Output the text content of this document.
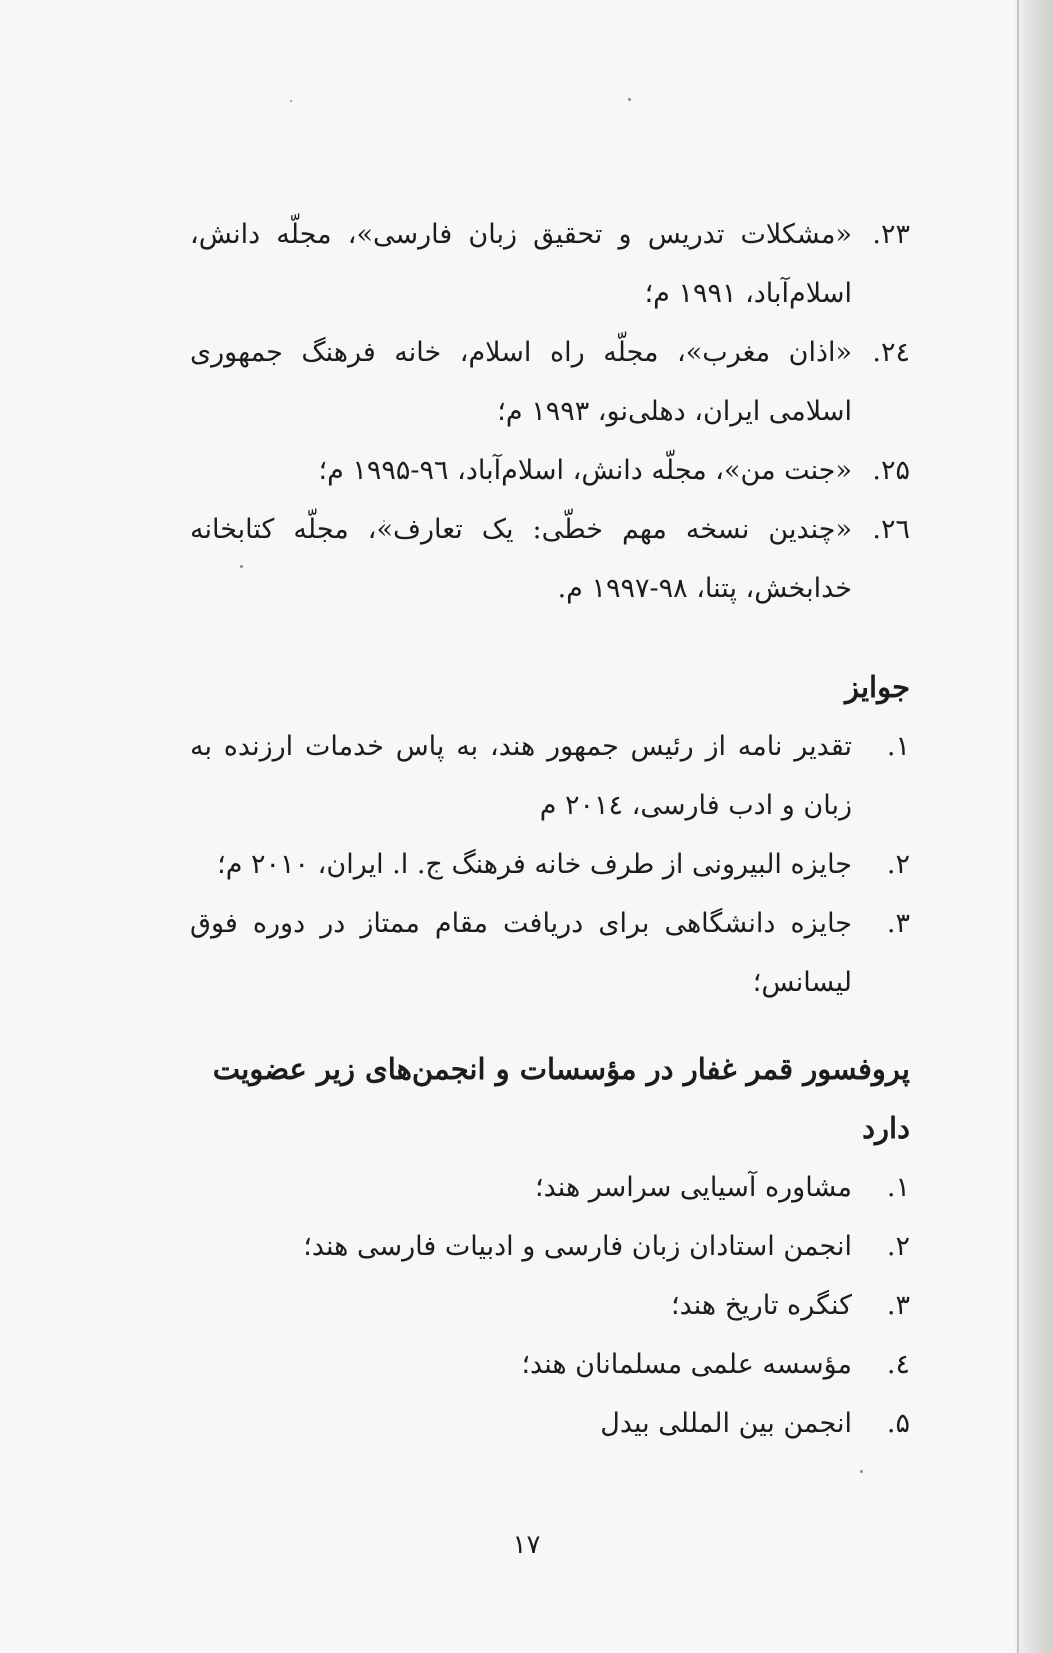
۲۳.
«مشکلات تدریس و تحقیق زبان فارسی»، مجلّه دانش، اسلام‌آباد، ۱۹۹۱ م؛
۲٤.
«اذان مغرب»، مجلّه راه اسلام، خانه فرهنگ جمهوری اسلامی ایران، دهلی‌نو، ۱۹۹۳ م؛
۲۵.
«جنت من»، مجلّه دانش، اسلام‌آباد، ۹٦-۱۹۹۵ م؛
۲٦.
«چندین نسخه مهم خطّی: یک تعارف»، مجلّه کتابخانه خدابخش، پتنا، ۹۸-۱۹۹۷ م.
جوایز
۱.
تقدیر نامه از رئیس جمهور هند، به پاس خدمات ارزنده به زبان و ادب فارسی، ۲۰۱٤ م
۲.
جایزه البیرونی از طرف خانه فرهنگ ج. ا. ایران، ۲۰۱۰ م؛
۳.
جایزه دانشگاهی برای دریافت مقام ممتاز در دوره فوق لیسانس؛
پروفسور قمر غفار در مؤسسات و انجمن‌های زیر عضویت دارد
۱.
مشاوره آسیایی سراسر هند؛
۲.
انجمن استادان زبان فارسی و ادبیات فارسی هند؛
۳.
کنگره تاریخ هند؛
٤.
مؤسسه علمی مسلمانان هند؛
۵.
انجمن بین المللی بیدل
۱۷
